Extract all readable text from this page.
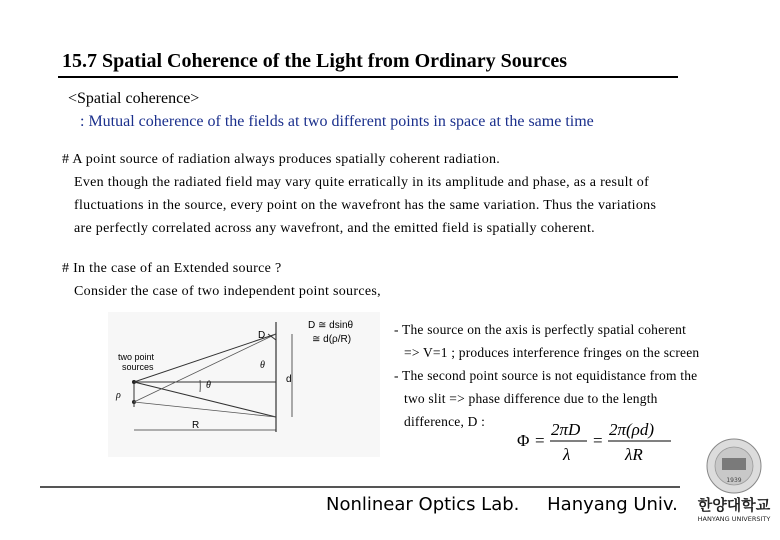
15.7 Spatial Coherence of the Light from Ordinary Sources
<Spatial coherence>
: Mutual coherence of the fields at two different points in space at the same time
# A point source of radiation always produces spatially coherent radiation.
Even though the radiated field may vary quite erratically in its amplitude and phase, as a result of
fluctuations in the source, every point on the wavefront has the same variation. Thus the variations
are perfectly correlated across any wavefront, and the emitted field is spatially coherent.
# In the case of an Extended source ?
Consider the case of two independent point sources,
two point
sources
ρ
D
θ
θ
d
R
D ≅ dsinθ
≅ d(ρ/R)
- The source on the axis is perfectly spatial coherent
=> V=1 ; produces interference fringes on the screen
- The second point source is not equidistance from the
two slit => phase difference due to the length
difference, D :
Φ =
2πD
λ
=
2π(ρd)
λR
Nonlinear Optics Lab. Hanyang Univ.
1939
한양대학교
HANYANG UNIVERSITY
